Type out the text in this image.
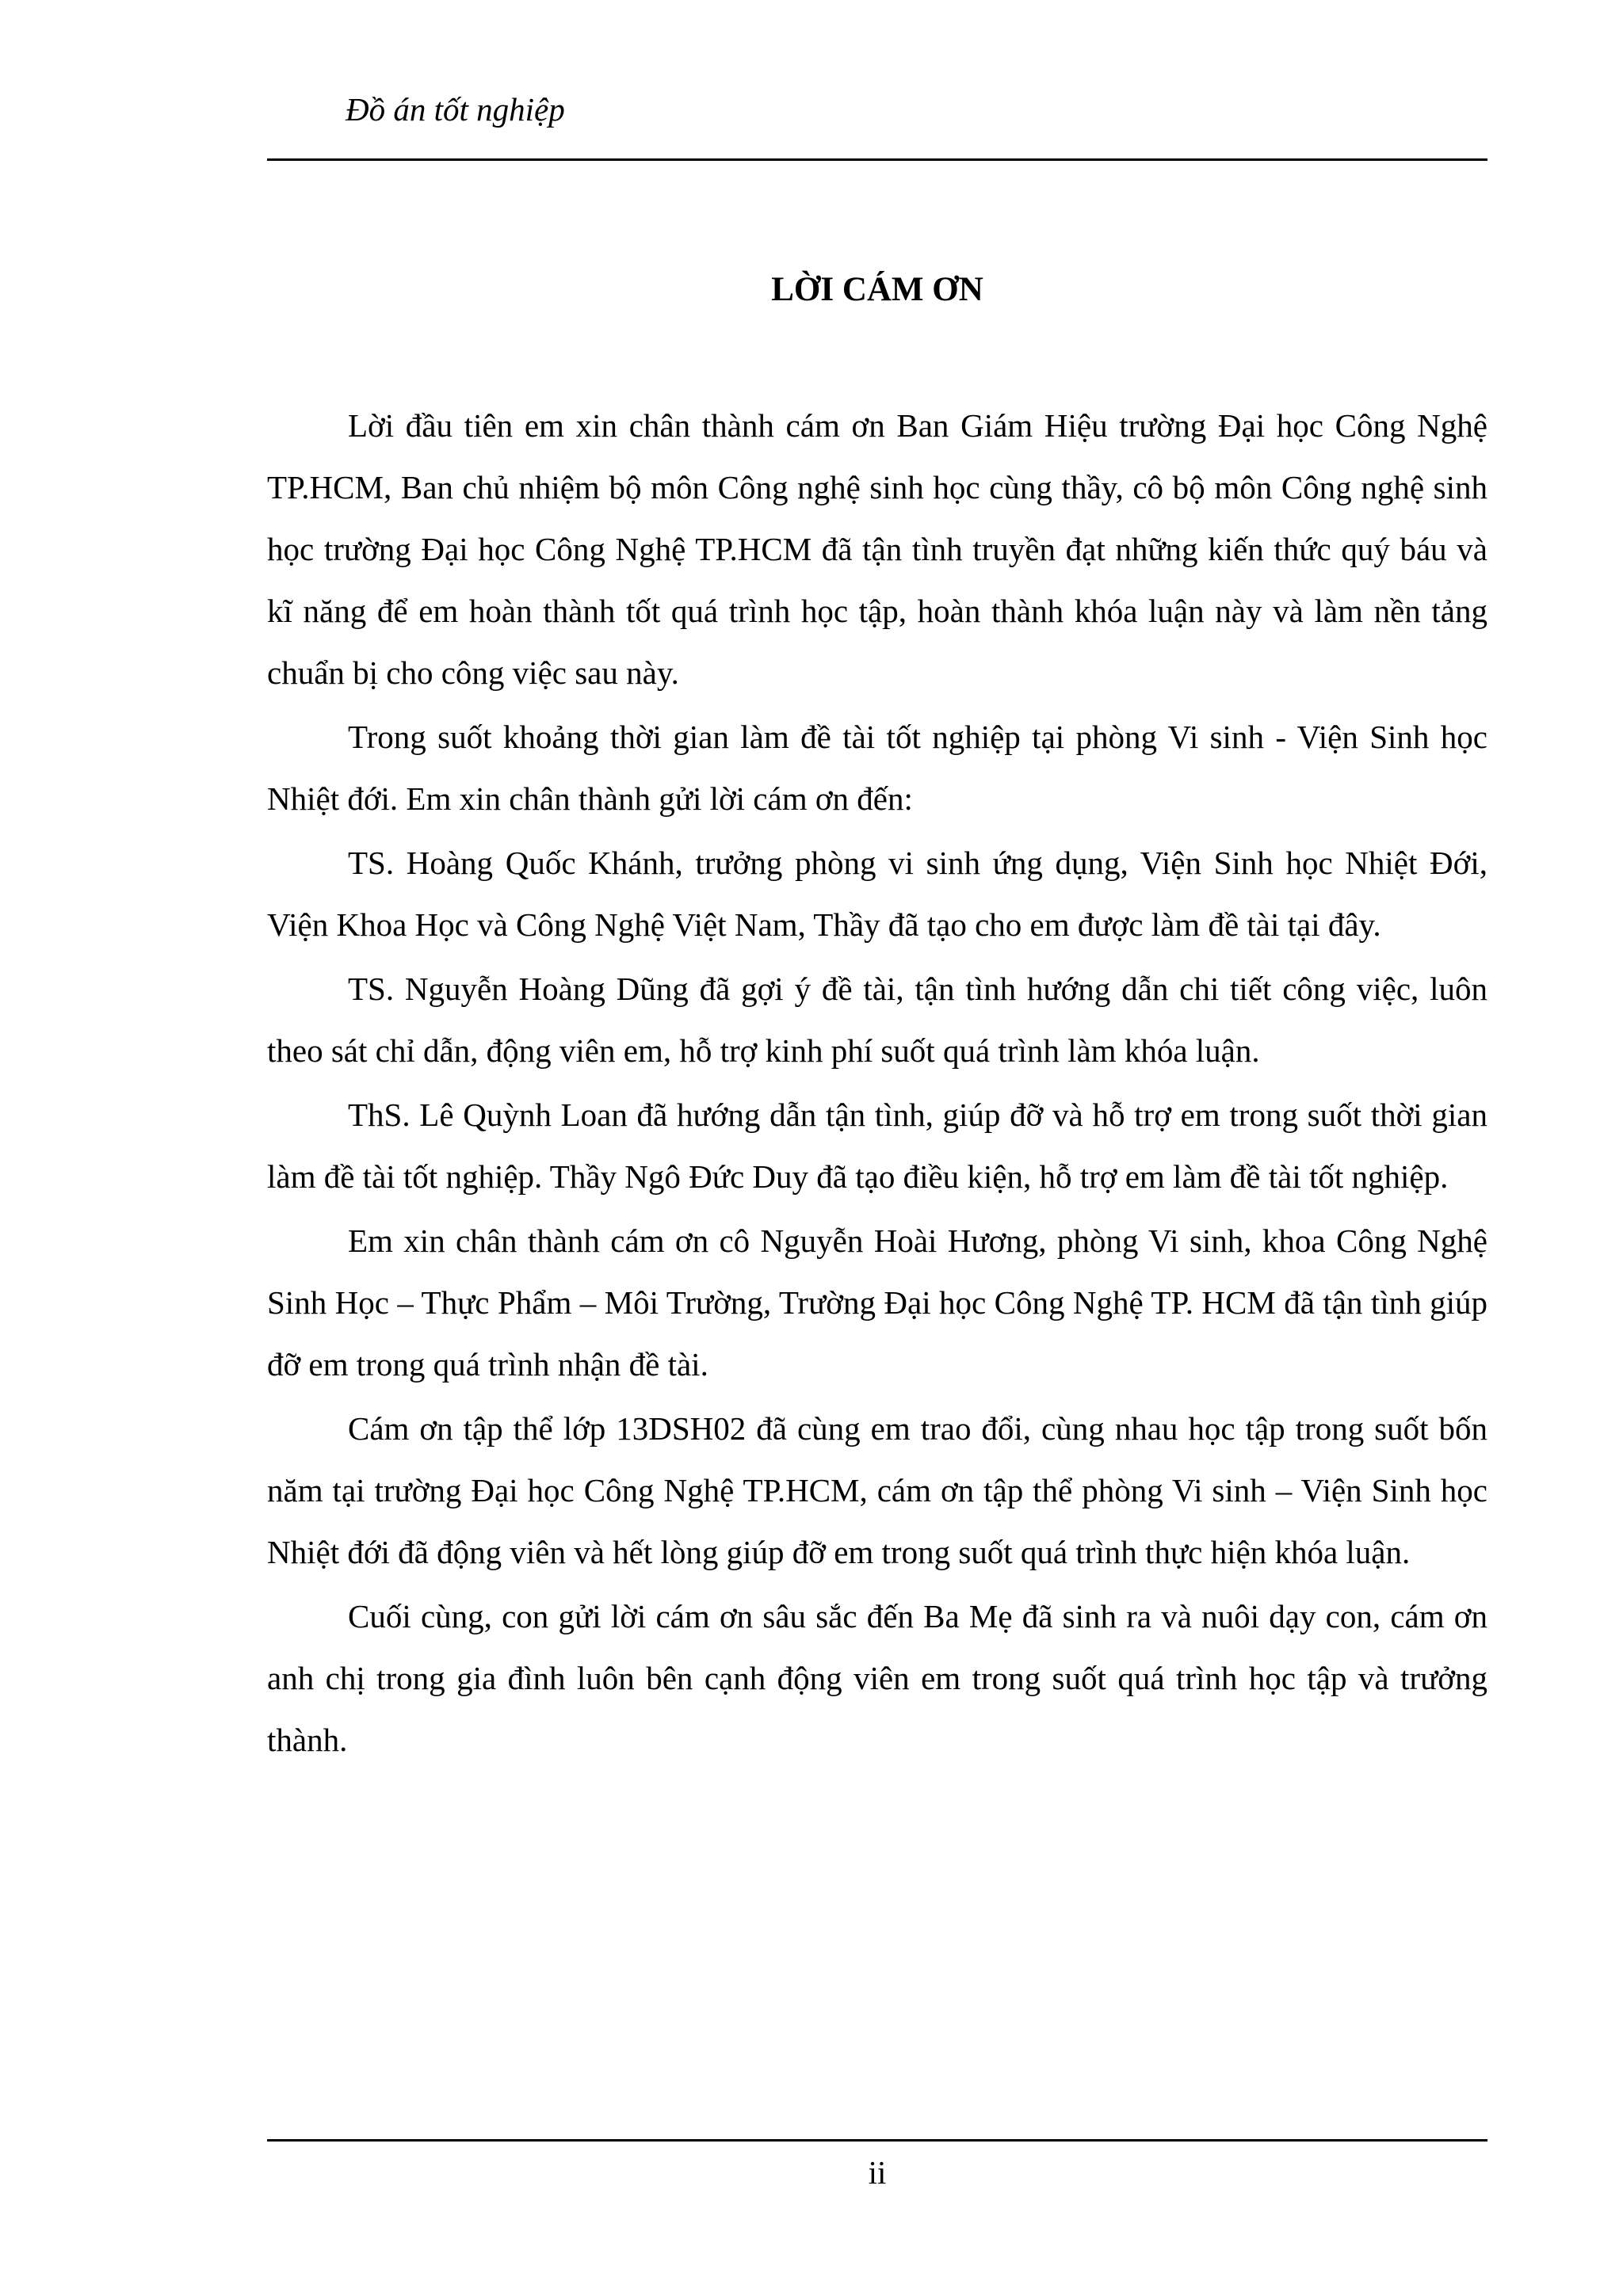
Đồ án tốt nghiệp
LỜI CÁM ƠN

Lời đầu tiên em xin chân thành cám ơn Ban Giám Hiệu trường Đại học Công Nghệ TP.HCM, Ban chủ nhiệm bộ môn Công nghệ sinh học cùng thầy, cô bộ môn Công nghệ sinh học trường Đại học Công Nghệ TP.HCM đã tận tình truyền đạt những kiến thức quý báu và kĩ năng để em hoàn thành tốt quá trình học tập, hoàn thành khóa luận này và làm nền tảng chuẩn bị cho công việc sau này.

Trong suốt khoảng thời gian làm đề tài tốt nghiệp tại phòng Vi sinh - Viện Sinh học Nhiệt đới. Em xin chân thành gửi lời cám ơn đến:

TS. Hoàng Quốc Khánh, trưởng phòng vi sinh ứng dụng, Viện Sinh học Nhiệt Đới, Viện Khoa Học và Công Nghệ Việt Nam, Thầy đã tạo cho em được làm đề tài tại đây.

TS. Nguyễn Hoàng Dũng đã gợi ý đề tài, tận tình hướng dẫn chi tiết công việc, luôn theo sát chỉ dẫn, động viên em, hỗ trợ kinh phí suốt quá trình làm khóa luận.

ThS. Lê Quỳnh Loan đã hướng dẫn tận tình, giúp đỡ và hỗ trợ em trong suốt thời gian làm đề tài tốt nghiệp. Thầy Ngô Đức Duy đã tạo điều kiện, hỗ trợ em làm đề tài tốt nghiệp.

Em xin chân thành cám ơn cô Nguyễn Hoài Hương, phòng Vi sinh, khoa Công Nghệ Sinh Học – Thực Phẩm – Môi Trường, Trường Đại học Công Nghệ TP. HCM đã tận tình giúp đỡ em trong quá trình nhận đề tài.

Cám ơn tập thể lớp 13DSH02 đã cùng em trao đổi, cùng nhau học tập trong suốt bốn năm tại trường Đại học Công Nghệ TP.HCM, cám ơn tập thể phòng Vi sinh – Viện Sinh học Nhiệt đới đã động viên và hết lòng giúp đỡ em trong suốt quá trình thực hiện khóa luận.

Cuối cùng, con gửi lời cám ơn sâu sắc đến Ba Mẹ đã sinh ra và nuôi dạy con, cám ơn anh chị trong gia đình luôn bên cạnh động viên em trong suốt quá trình học tập và trưởng thành.

ii
